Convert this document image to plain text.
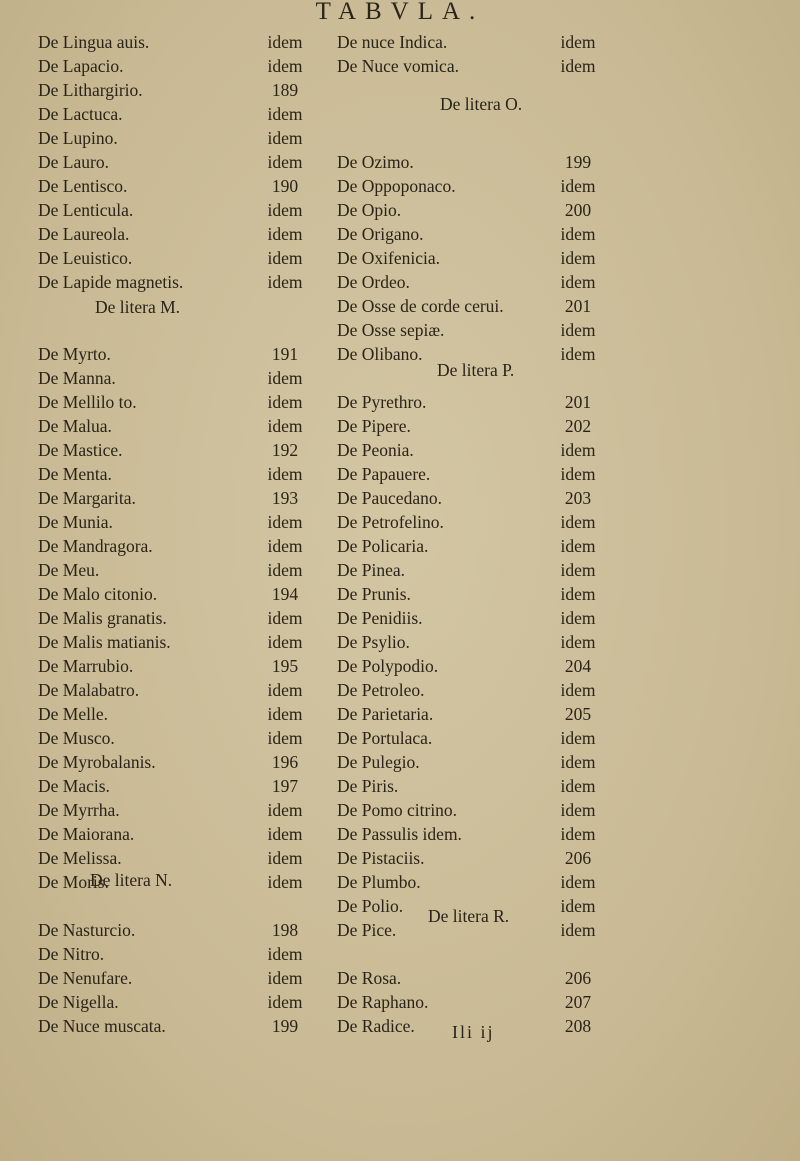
TABVLA.
De Lingua auis.	idem
De Lapacio.	idem
De Lithargirio.	189
De Lactuca.	idem
De Lupino.	idem
De Lauro.	idem
De Lentisco.	190
De Lenticula.	idem
De Laureola.	idem
De Leuistico.	idem
De Lapide magnetis.	idem
De litera M.
De Myrto.	191
De Manna.	idem
De Mellilo to.	idem
De Malua.	idem
De Mastice.	192
De Menta.	idem
De Margarita.	193
De Munia.	idem
De Mandragora.	idem
De Meu.	idem
De Malo citonio.	194
De Malis granatis.	idem
De Malis matianis.	idem
De Marrubio.	195
De Malabatro.	idem
De Melle.	idem
De Musco.	idem
De Myrobalanis.	196
De Macis.	197
De Myrrha.	idem
De Maiorana.	idem
De Melissa.	idem
De Moris.	idem
De litera N.
De Nasturcio.	198
De Nitro.	idem
De Nenufare.	idem
De Nigella.	idem
De Nuce muscata.	199
De nuce Indica.	idem
De Nuce vomica.	idem
De litera O.
De Ozimo.	199
De Oppoponaco.	idem
De Opio.	200
De Origano.	idem
De Oxifenicia.	idem
De Ordeo.	idem
De Osse de corde cerui.	201
De Osse sepiæ.	idem
De Olibano.	idem
De litera P.
De Pyrethro.	201
De Pipere.	202
De Peonia.	idem
De Papauere.	idem
De Paucedano.	203
De Petrofelino.	idem
De Policaria.	idem
De Pinea.	idem
De Prunis.	idem
De Penidiis.	idem
De Psylio.	idem
De Polypodio.	204
De Petroleo.	idem
De Parietaria.	205
De Portulaca.	idem
De Pulegio.	idem
De Piris.	idem
De Pomo citrino.	idem
De Passulis idem.	idem
De Pistaciis.	206
De Plumbo.	idem
De Polio.	idem
De Pice.	idem
De litera R.
De Rosa.	206
De Raphano.	207
De Radice.	208
Ili ij
